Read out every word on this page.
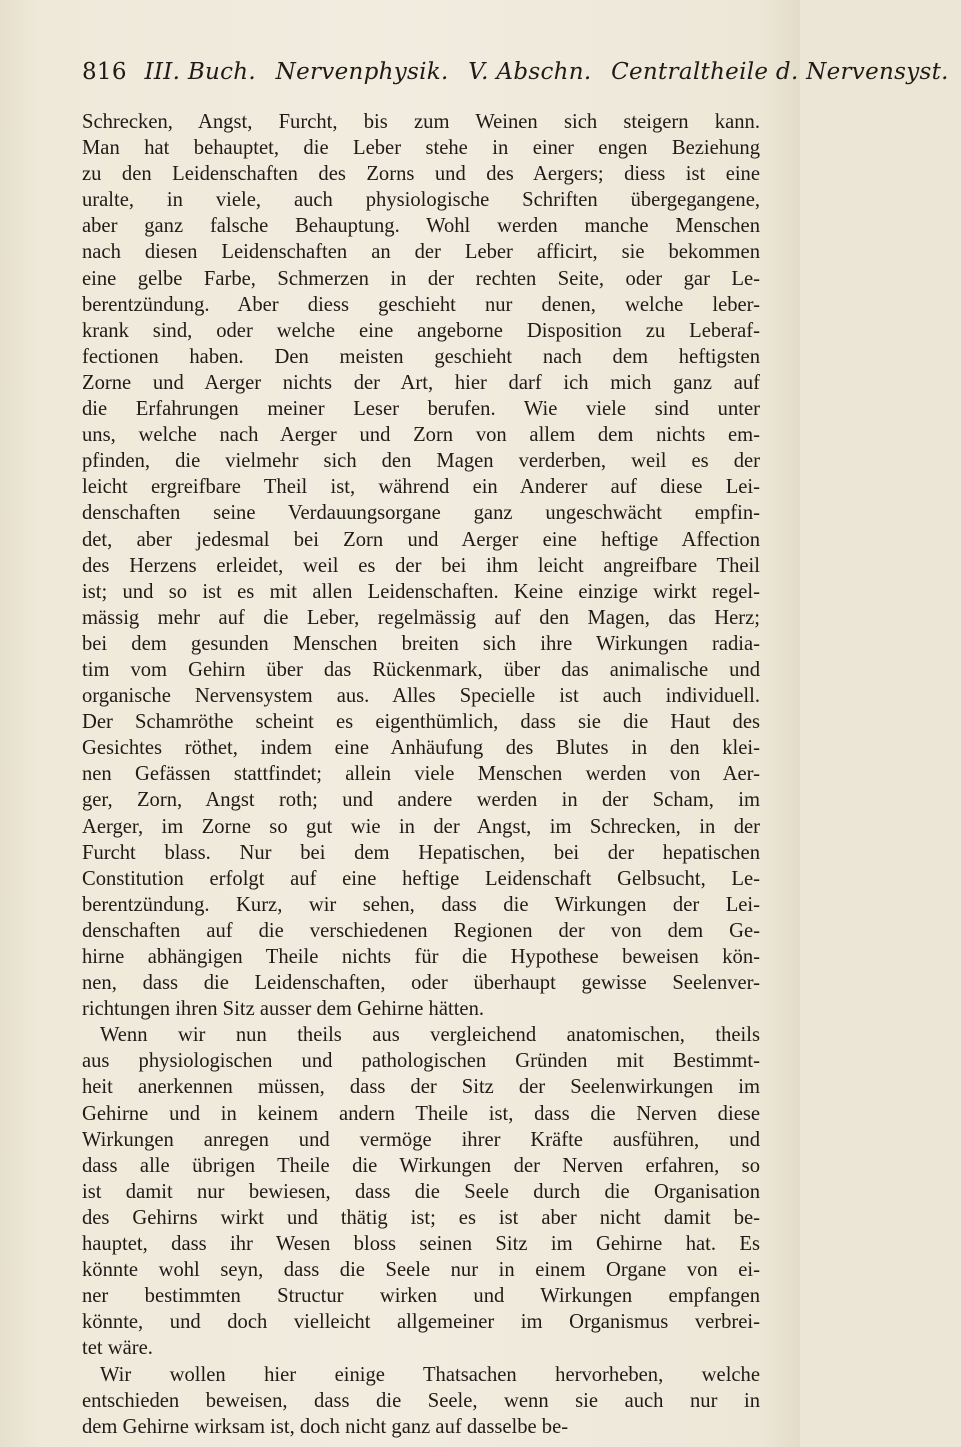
816 III. Buch. Nervenphysik. V. Abschn. Centraltheile d. Nervensyst.
Schrecken, Angst, Furcht, bis zum Weinen sich steigern kann.
Man hat behauptet, die Leber stehe in einer engen Beziehung
zu den Leidenschaften des Zorns und des Aergers; diess ist eine
uralte, in viele, auch physiologische Schriften übergegangene,
aber ganz falsche Behauptung. Wohl werden manche Menschen
nach diesen Leidenschaften an der Leber afficirt, sie bekommen
eine gelbe Farbe, Schmerzen in der rechten Seite, oder gar Le-
berentzündung. Aber diess geschieht nur denen, welche leber-
krank sind, oder welche eine angeborne Disposition zu Leberaf-
fectionen haben. Den meisten geschieht nach dem heftigsten
Zorne und Aerger nichts der Art, hier darf ich mich ganz auf
die Erfahrungen meiner Leser berufen. Wie viele sind unter
uns, welche nach Aerger und Zorn von allem dem nichts em-
pfinden, die vielmehr sich den Magen verderben, weil es der
leicht ergreifbare Theil ist, während ein Anderer auf diese Lei-
denschaften seine Verdauungsorgane ganz ungeschwächt empfin-
det, aber jedesmal bei Zorn und Aerger eine heftige Affection
des Herzens erleidet, weil es der bei ihm leicht angreifbare Theil
ist; und so ist es mit allen Leidenschaften. Keine einzige wirkt regel-
mässig mehr auf die Leber, regelmässig auf den Magen, das Herz;
bei dem gesunden Menschen breiten sich ihre Wirkungen radia-
tim vom Gehirn über das Rückenmark, über das animalische und
organische Nervensystem aus. Alles Specielle ist auch individuell.
Der Schamröthe scheint es eigenthümlich, dass sie die Haut des
Gesichtes röthet, indem eine Anhäufung des Blutes in den klei-
nen Gefässen stattfindet; allein viele Menschen werden von Aer-
ger, Zorn, Angst roth; und andere werden in der Scham, im
Aerger, im Zorne so gut wie in der Angst, im Schrecken, in der
Furcht blass. Nur bei dem Hepatischen, bei der hepatischen
Constitution erfolgt auf eine heftige Leidenschaft Gelbsucht, Le-
berentzündung. Kurz, wir sehen, dass die Wirkungen der Lei-
denschaften auf die verschiedenen Regionen der von dem Ge-
hirne abhängigen Theile nichts für die Hypothese beweisen kön-
nen, dass die Leidenschaften, oder überhaupt gewisse Seelenver-
richtungen ihren Sitz ausser dem Gehirne hätten.
Wenn wir nun theils aus vergleichend anatomischen, theils
aus physiologischen und pathologischen Gründen mit Bestimmt-
heit anerkennen müssen, dass der Sitz der Seelenwirkungen im
Gehirne und in keinem andern Theile ist, dass die Nerven diese
Wirkungen anregen und vermöge ihrer Kräfte ausführen, und
dass alle übrigen Theile die Wirkungen der Nerven erfahren, so
ist damit nur bewiesen, dass die Seele durch die Organisation
des Gehirns wirkt und thätig ist; es ist aber nicht damit be-
hauptet, dass ihr Wesen bloss seinen Sitz im Gehirne hat. Es
könnte wohl seyn, dass die Seele nur in einem Organe von ei-
ner bestimmten Structur wirken und Wirkungen empfangen
könnte, und doch vielleicht allgemeiner im Organismus verbrei-
tet wäre.
Wir wollen hier einige Thatsachen hervorheben, welche
entschieden beweisen, dass die Seele, wenn sie auch nur in
dem Gehirne wirksam ist, doch nicht ganz auf dasselbe be-
